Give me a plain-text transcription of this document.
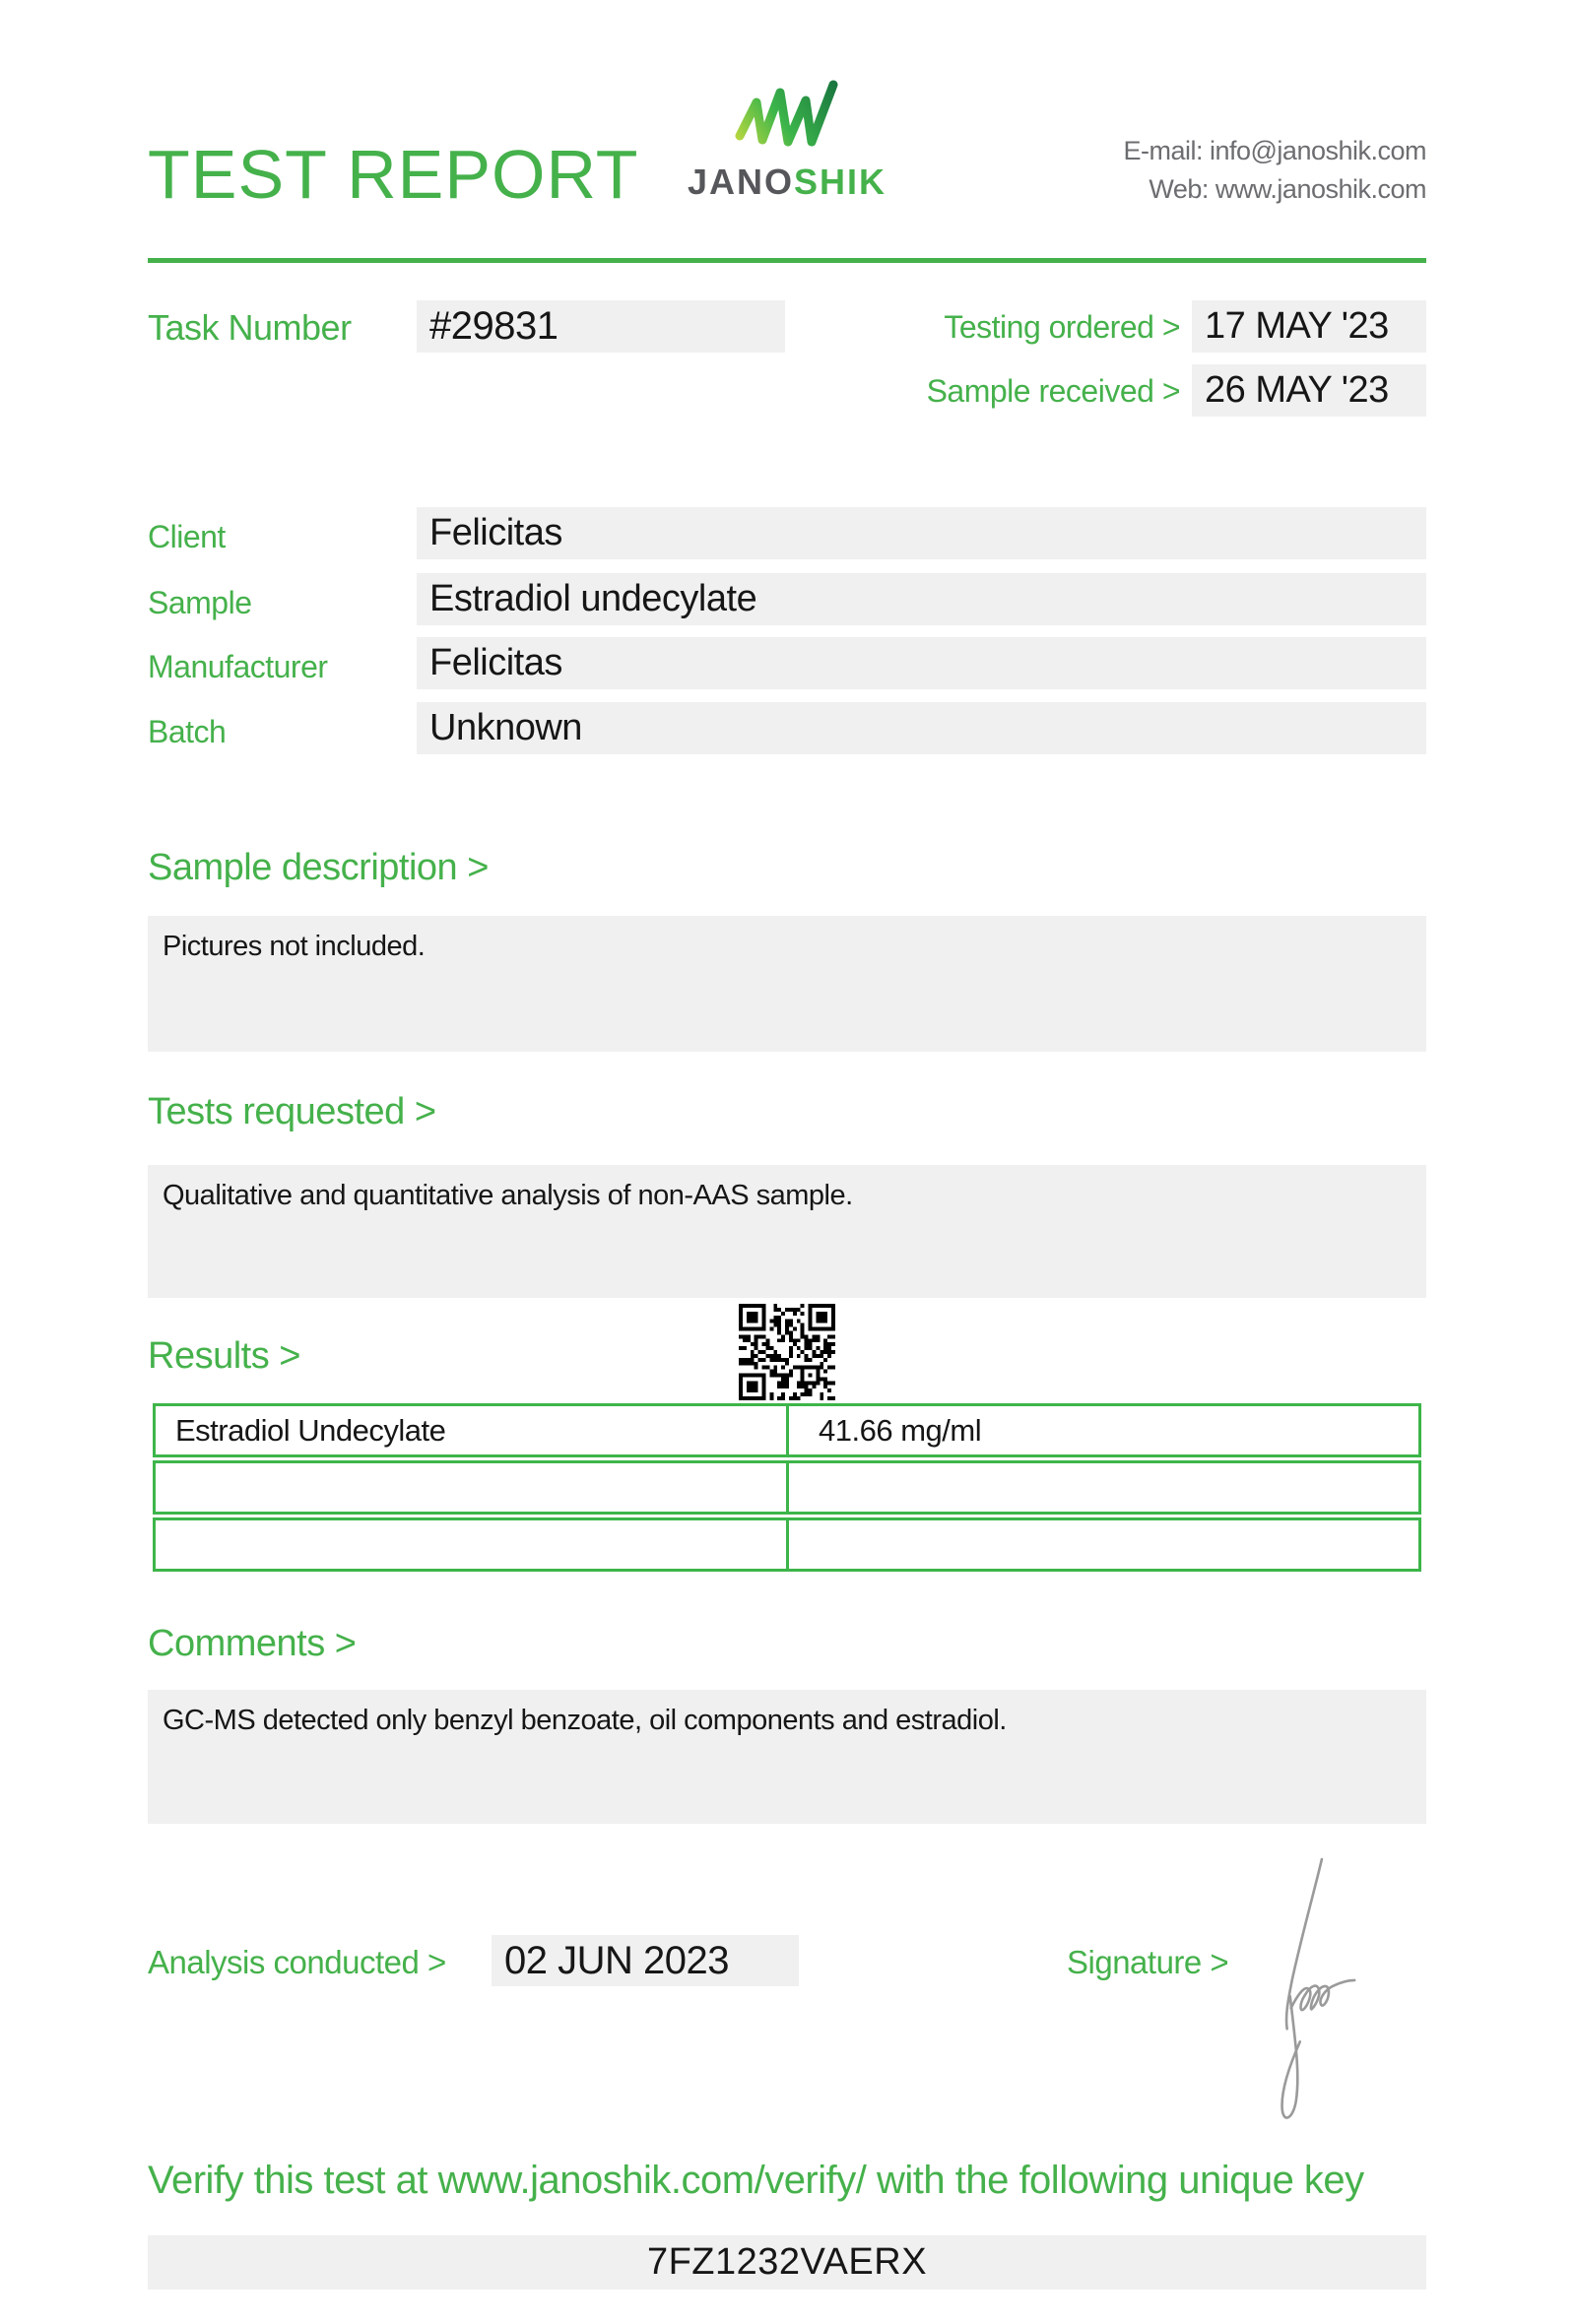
TEST REPORT	JANOSHIK
E-mail: info@janoshik.com
Web: www.janoshik.com
Task Number	#29831	Testing ordered > 17 MAY '23
Sample received > 26 MAY '23
Client	Felicitas
Sample	Estradiol undecylate
Manufacturer	Felicitas
Batch	Unknown
Sample description >
Pictures not included.
Tests requested >
Qualitative and quantitative analysis of non-AAS sample.
Results >
Estradiol Undecylate	41.66 mg/ml
Comments >
GC-MS detected only benzyl benzoate, oil components and estradiol.
Analysis conducted >	02 JUN 2023	Signature >
Verify this test at www.janoshik.com/verify/ with the following unique key
7FZ1232VAERX
